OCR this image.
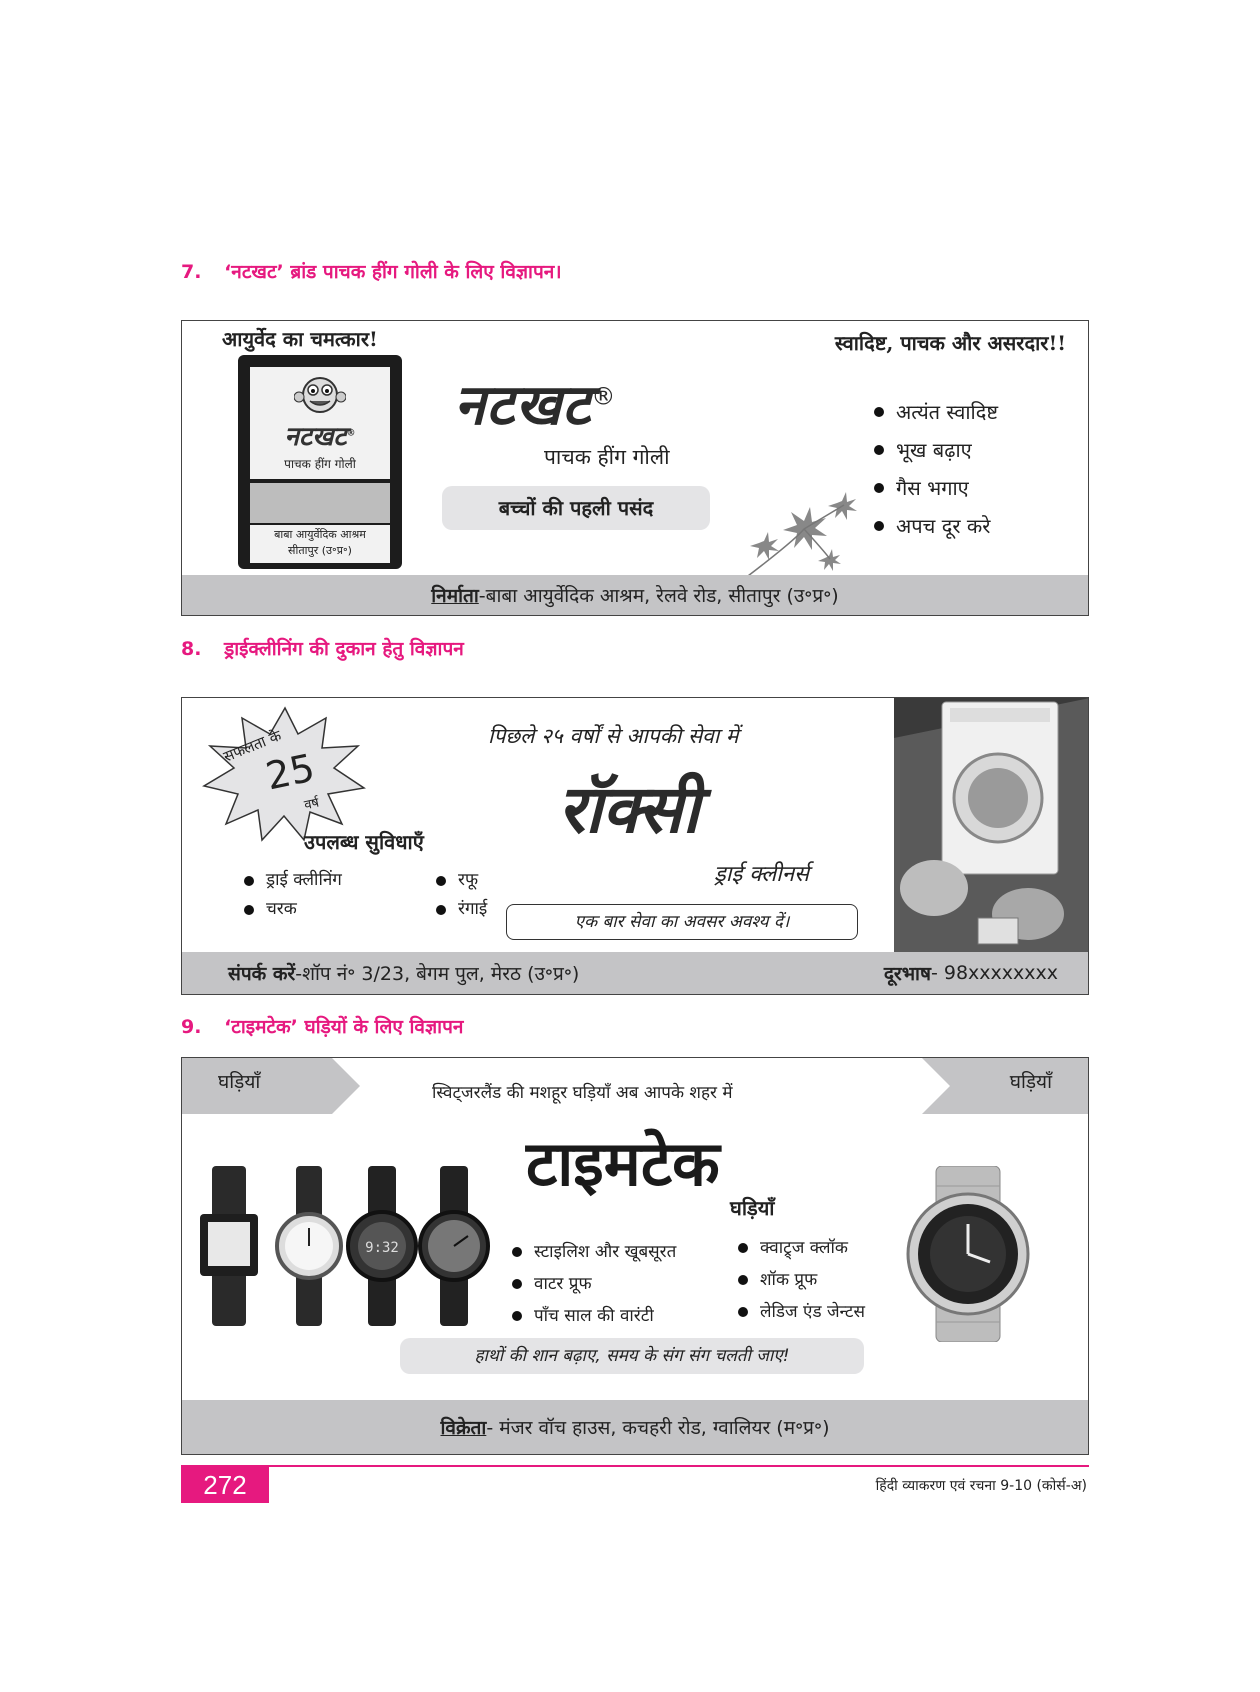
7. ‘नटखट’ ब्रांड पाचक हींग गोली के लिए विज्ञापन।
आयुर्वेद का चमत्कार!	स्वादिष्ट, पाचक और असरदार!!
नटखट®
पाचक हींग गोली
बाबा आयुर्वेदिक आश्रम
सीतापुर (उ॰प्र॰)
नटखट®
पाचक हींग गोली
बच्चों की पहली पसंद
अत्यंत स्वादिष्ट
भूख बढ़ाए
गैस भगाए
अपच दूर करे
निर्माता -बाबा आयुर्वेदिक आश्रम, रेलवे रोड, सीतापुर (उ॰प्र॰)
8. ड्राईक्लीनिंग की दुकान हेतु विज्ञापन
सफलता के
25
वर्ष
पिछले २५ वर्षों से आपकी सेवा में
रॉक्सी
ड्राई क्लीनर्स
उपलब्ध सुविधाएँ
ड्राई क्लीनिंग
चरक
रफू
रंगाई
एक बार सेवा का अवसर अवश्य दें।
संपर्क करें -शॉप नं॰ 3/23, बेगम पुल, मेरठ (उ॰प्र॰)	दूरभाष - 98xxxxxxxx
9. ‘टाइमटेक’ घड़ियों के लिए विज्ञापन
घड़ियाँ	घड़ियाँ
स्विट्जरलैंड की मशहूर घड़ियाँ अब आपके शहर में
टाइमटेक
घड़ियाँ
9:32	स्टाइलिश और खूबसूरत
वाटर प्रूफ
पाँच साल की वारंटी
क्वाट्र्ज क्लॉक
शॉक प्रूफ
लेडिज एंड जेन्टस
हाथों की शान बढ़ाए, समय के संग संग चलती जाए!
विक्रेता - मंजर वॉच हाउस, कचहरी रोड, ग्वालियर (म॰प्र॰)
272	हिंदी व्याकरण एवं रचना 9-10 (कोर्स-अ)
